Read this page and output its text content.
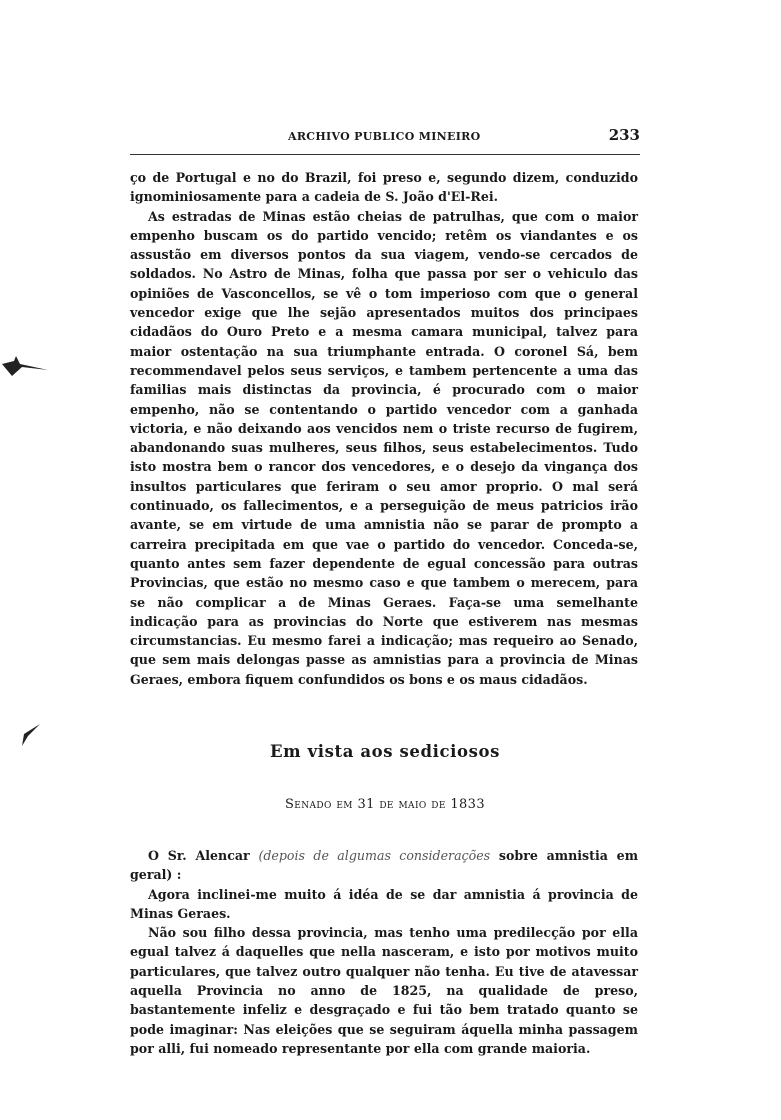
ARCHIVO PUBLICO MINEIRO	233

ço de Portugal e no do Brazil, foi preso e, segundo dizem, conduzido ignominiosamente para a cadeia de S. João d'El-Rei.

As estradas de Minas estão cheias de patrulhas, que com o maior empenho buscam os do partido vencido; retêm os viandantes e os assustão em diversos pontos da sua viagem, vendo-se cercados de soldados. No Astro de Minas, folha que passa por ser o vehiculo das opiniões de Vasconcellos, se vê o tom imperioso com que o general vencedor exige que lhe sejão apresentados muitos dos principaes cidadãos do Ouro Preto e a mesma camara municipal, talvez para maior ostentação na sua triumphante entrada. O coronel Sá, bem recommendavel pelos seus serviços, e tambem pertencente a uma das familias mais distinctas da provincia, é procurado com o maior empenho, não se contentando o partido vencedor com a ganhada victoria, e não deixando aos vencidos nem o triste recurso de fugirem, abandonando suas mulheres, seus filhos, seus estabelecimentos. Tudo isto mostra bem o rancor dos vencedores, e o desejo da vingança dos insultos particulares que feriram o seu amor proprio. O mal será continuado, os fallecimentos, e a perseguição de meus patricios irão avante, se em virtude de uma amnistia não se parar de prompto a carreira precipitada em que vae o partido do vencedor. Conceda-se, quanto antes sem fazer dependente de egual concessão para outras Provincias, que estão no mesmo caso e que tambem o merecem, para se não complicar a de Minas Geraes. Faça-se uma semelhante indicação para as provincias do Norte que estiverem nas mesmas circumstancias. Eu mesmo farei a indicação; mas requeiro ao Senado, que sem mais delongas passe as amnistias para a provincia de Minas Geraes, embora fiquem confundidos os bons e os maus cidadãos.

Em vista aos sediciosos
Senado em 31 de maio de 1833

O Sr. Alencar (depois de algumas considerações sobre amnistia em geral) :

Agora inclinei-me muito á idéa de se dar amnistia á provincia de Minas Geraes.

Não sou filho dessa provincia, mas tenho uma predilecção por ella egual talvez á daquelles que nella nasceram, e isto por motivos muito particulares, que talvez outro qualquer não tenha. Eu tive de atavessar aquella Provincia no anno de 1825, na qualidade de preso, bastantemente infeliz e desgraçado e fui tão bem tratado quanto se pode imaginar: Nas eleições que se seguiram áquella minha passagem por alli, fui nomeado representante por ella com grande maioria.
